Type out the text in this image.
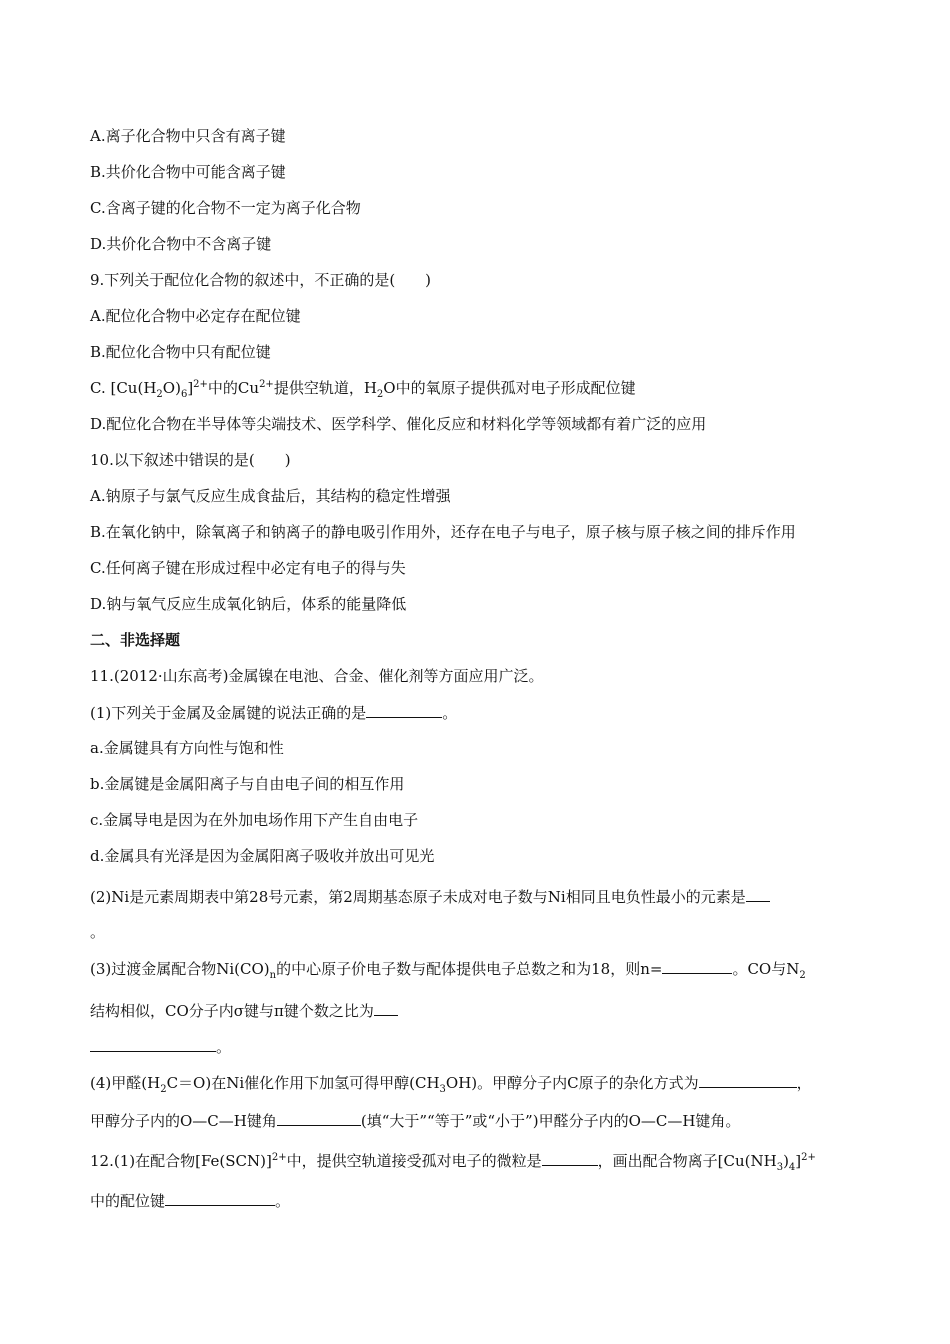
A.离子化合物中只含有离子键
B.共价化合物中可能含离子键
C.含离子键的化合物不一定为离子化合物
D.共价化合物中不含离子键
9.下列关于配位化合物的叙述中，不正确的是(　　)
A.配位化合物中必定存在配位键
B.配位化合物中只有配位键
C. $[Cu(H_2O)_6]^{2+}$中的$Cu^{2+}$提供空轨道，$H_2O$中的氧原子提供孤对电子形成配位键
D.配位化合物在半导体等尖端技术、医学科学、催化反应和材料化学等领域都有着广泛的应用
10.以下叙述中错误的是(　　)
A.钠原子与氯气反应生成食盐后，其结构的稳定性增强
B.在氧化钠中，除氧离子和钠离子的静电吸引作用外，还存在电子与电子，原子核与原子核之间的排斥作用
C.任何离子键在形成过程中必定有电子的得与失
D.钠与氧气反应生成氧化钠后，体系的能量降低
二、非选择题
11.(2012·山东高考)金属镍在电池、合金、催化剂等方面应用广泛。
(1)下列关于金属及金属键的说法正确的是	。
a.金属键具有方向性与饱和性
b.金属键是金属阳离子与自由电子间的相互作用
c.金属导电是因为在外加电场作用下产生自由电子
d.金属具有光泽是因为金属阳离子吸收并放出可见光
(2)Ni是元素周期表中第28号元素，第2周期基态原子未成对电子数与Ni相同且电负性最小的元素是
。
(3)过渡金属配合物$Ni(CO)_n$的中心原子价电子数与配体提供电子总数之和为18，则n=	。CO与$N_2$
结构相似，CO分子内σ键与π键个数之比为
。
(4)甲醛$(H_2C=O)$在Ni催化作用下加氢可得甲醇$(CH_3OH)$。甲醇分子内C原子的杂化方式为	，
甲醇分子内的O—C—H键角	(填“大于”“等于”或“小于”)甲醛分子内的O—C—H键角。
12.(1)在配合物$[Fe(SCN)]^{2+}$中，提供空轨道接受孤对电子的微粒是	，画出配合物离子$[Cu(NH_3)_4]^{2+}$
中的配位键	。
